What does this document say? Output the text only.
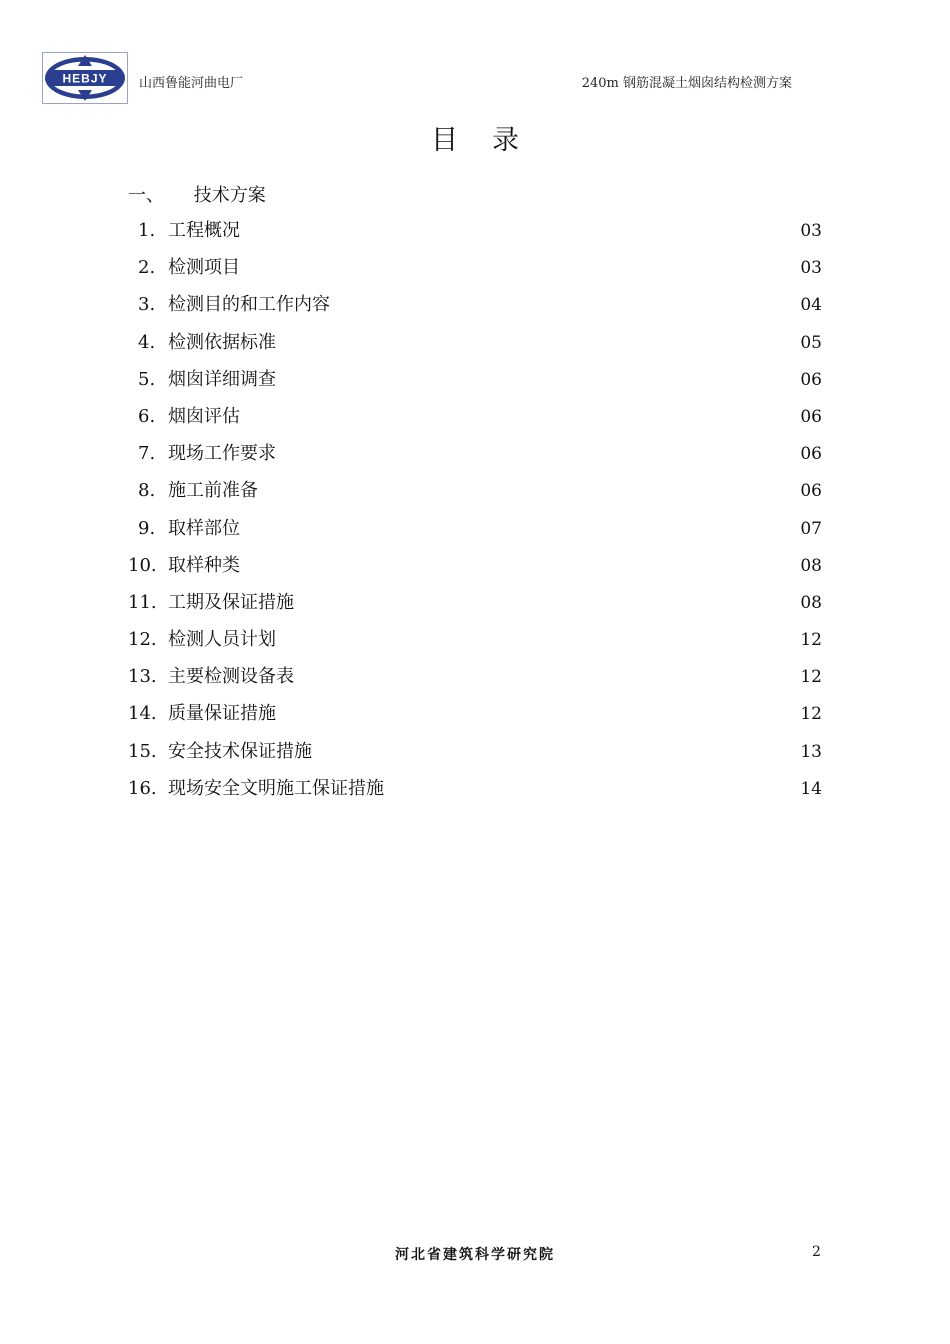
HEBJY 山西鲁能河曲电厂	240m 钢筋混凝土烟囱结构检测方案
目录
一、 技术方案
1. 工程概况	03
2. 检测项目	03
3. 检测目的和工作内容	04
4. 检测依据标准	05
5. 烟囱详细调查	06
6. 烟囱评估	06
7. 现场工作要求	06
8. 施工前准备	06
9. 取样部位	07
10. 取样种类	08
11. 工期及保证措施	08
12. 检测人员计划	12
13. 主要检测设备表	12
14. 质量保证措施	12
15. 安全技术保证措施	13
16. 现场安全文明施工保证措施	14
河北省建筑科学研究院	2
